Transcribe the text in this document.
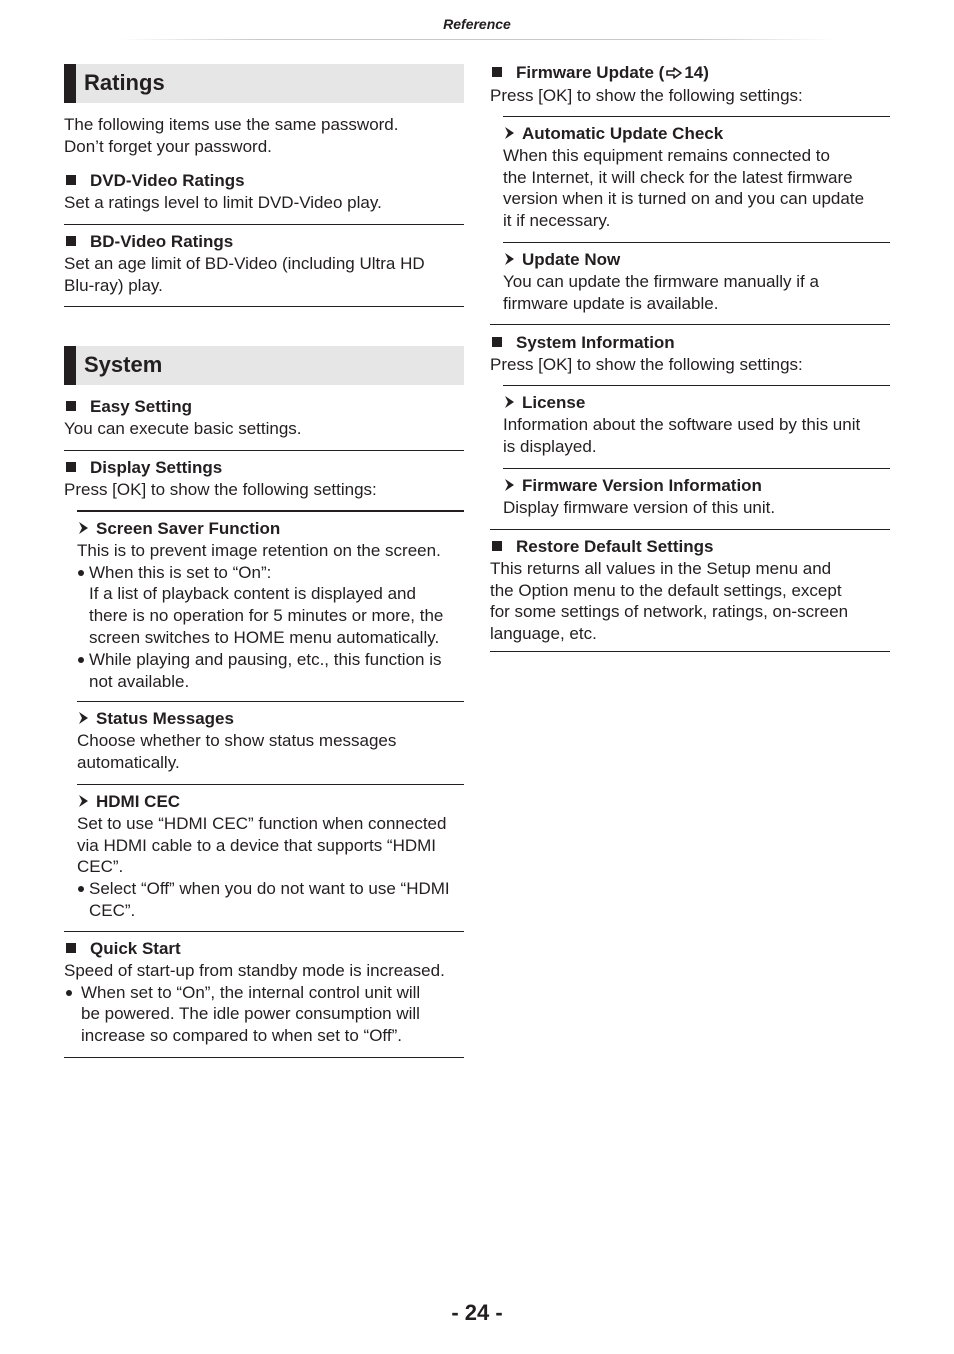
Reference
Ratings

The following items use the same password.

Don’t forget your password.

DVD-Video Ratings

Set a ratings level to limit DVD-Video play.

BD-Video Ratings

Set an age limit of BD-Video (including Ultra HD

Blu-ray) play.

System
Easy Setting

You can execute basic settings.

Display Settings

Press [OK] to show the following settings:

Screen Saver Function

This is to prevent image retention on the screen.

When this is set to “On”:

If a list of playback content is displayed and

there is no operation for 5 minutes or more, the

screen switches to HOME menu automatically.

While playing and pausing, etc., this function is

not available.

Status Messages

Choose whether to show status messages

automatically.

HDMI CEC

Set to use “HDMI CEC” function when connected

via HDMI cable to a device that supports “HDMI

CEC”.

Select “Off” when you do not want to use “HDMI

CEC”.

Quick Start

Speed of start-up from standby mode is increased.

When set to “On”, the internal control unit will

be powered. The idle power consumption will

increase so compared to when set to “Off”.

Firmware Update ( 14)

Press [OK] to show the following settings:

Automatic Update Check

When this equipment remains connected to

the Internet, it will check for the latest firmware

version when it is turned on and you can update

it if necessary.

Update Now

You can update the firmware manually if a

firmware update is available.

System Information

Press [OK] to show the following settings:

License

Information about the software used by this unit

is displayed.

Firmware Version Information

Display firmware version of this unit.

Restore Default Settings

This returns all values in the Setup menu and

the Option menu to the default settings, except

for some settings of network, ratings, on-screen

language, etc.

- 24 -
